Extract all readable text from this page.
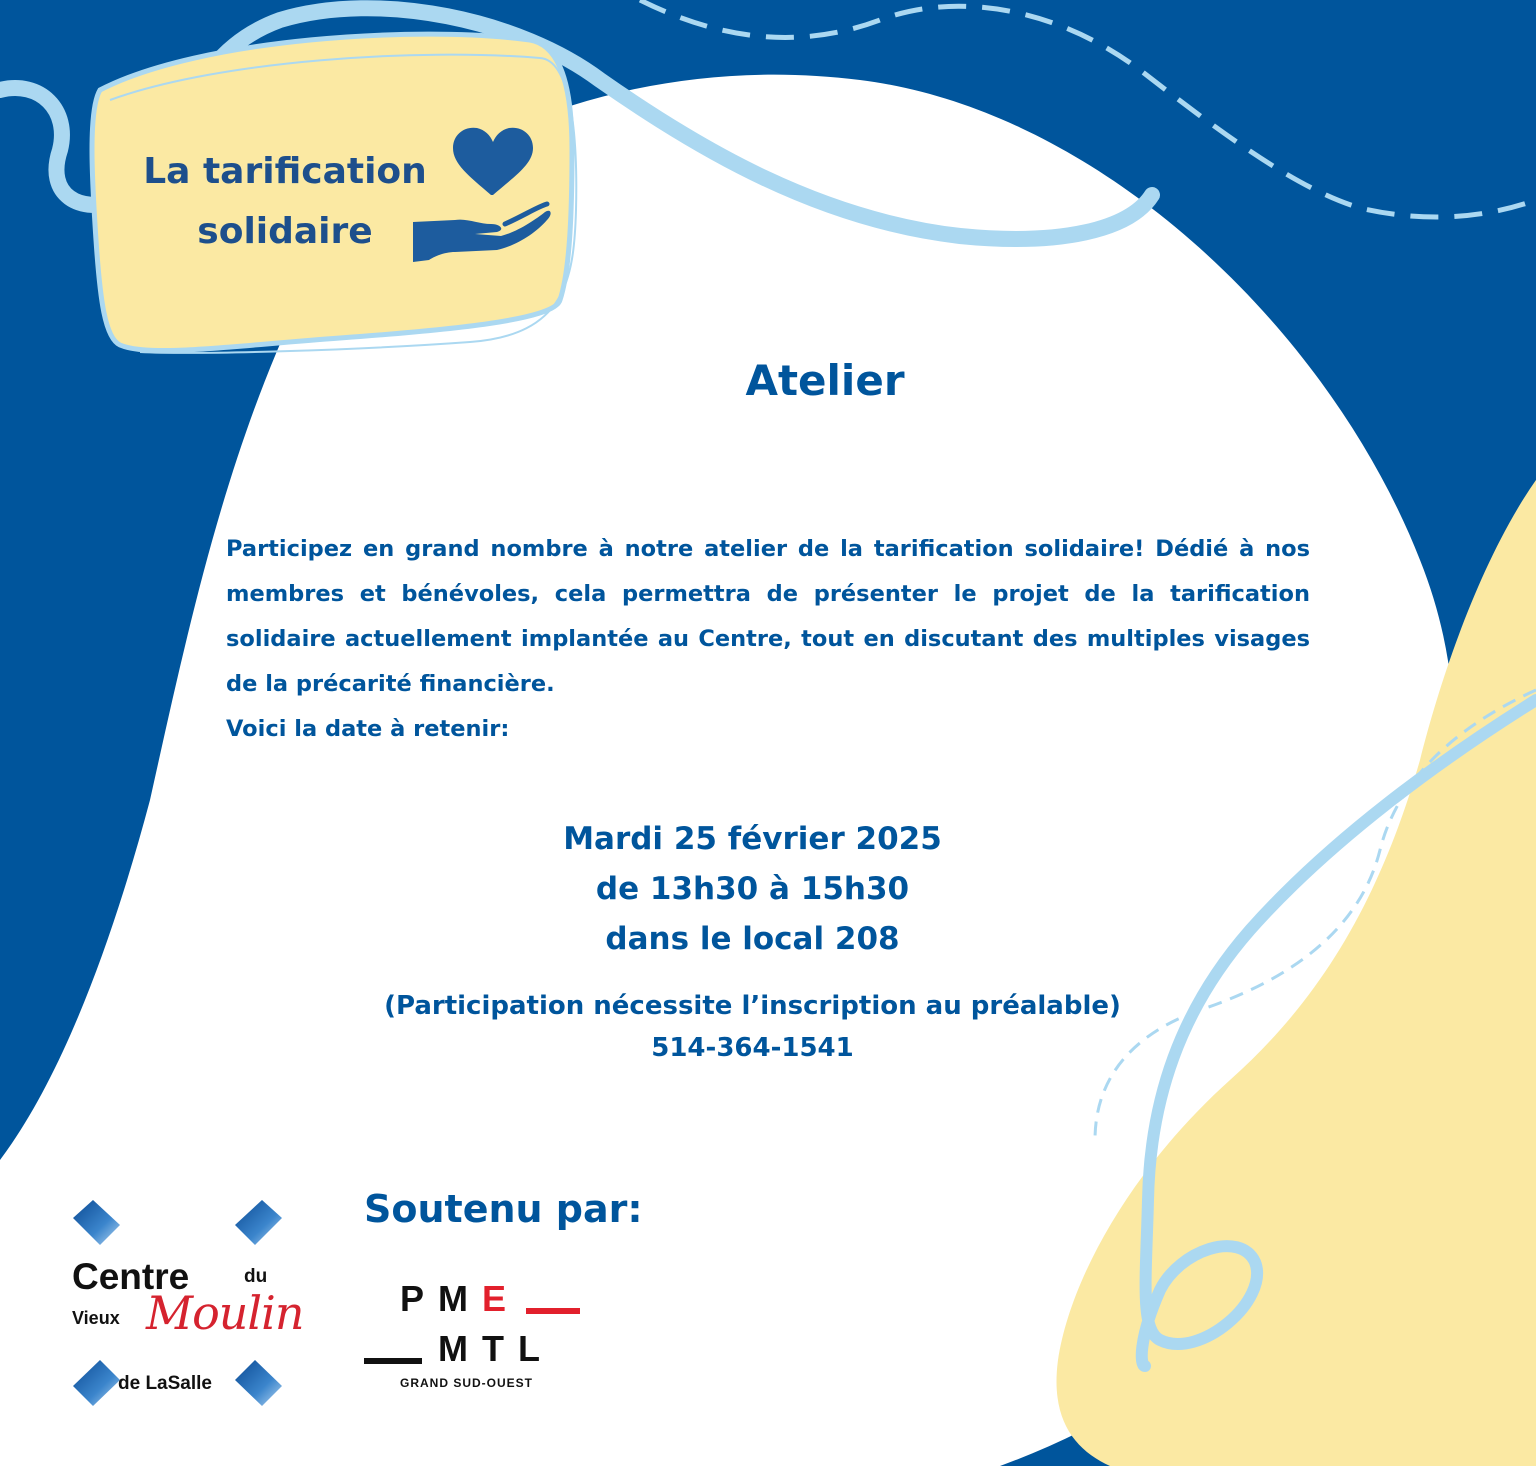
La tarification
solidaire
Atelier

Participez en grand nombre à notre atelier de la tarification solidaire! Dédié à nos membres et bénévoles, cela permettra de présenter le projet de la tarification solidaire actuellement implantée au Centre, tout en discutant des multiples visages de la précarité financière.

Voici la date à retenir:

Mardi 25 février 2025
de 13h30 à 15h30
dans le local 208
(Participation nécessite l’inscription au préalable)
514-364-1541
Soutenu par:
Centre	du
Vieux Moulin
de LaSalle
PME
MTL
GRAND SUD-OUEST
